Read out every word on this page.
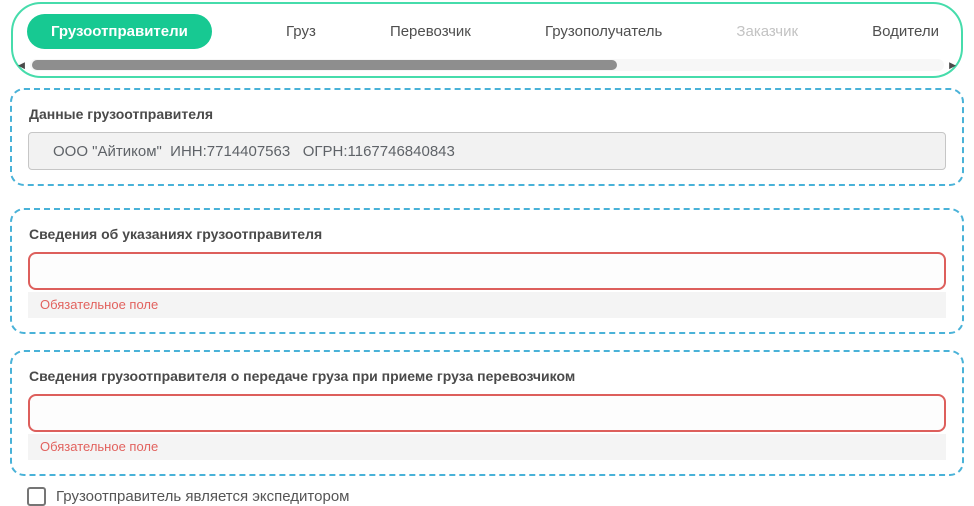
Грузоотправители	Груз	Перевозчик	Грузополучатель	Заказчик	Водители
◀	▶
Данные грузоотправителя
ООО "Айтиком" ИНН:7714407563 ОГРН:1167746840843
Сведения об указаниях грузоотправителя
Обязательное поле
Сведения грузоотправителя о передаче груза при приеме груза перевозчиком
Обязательное поле
Грузоотправитель является экспедитором
